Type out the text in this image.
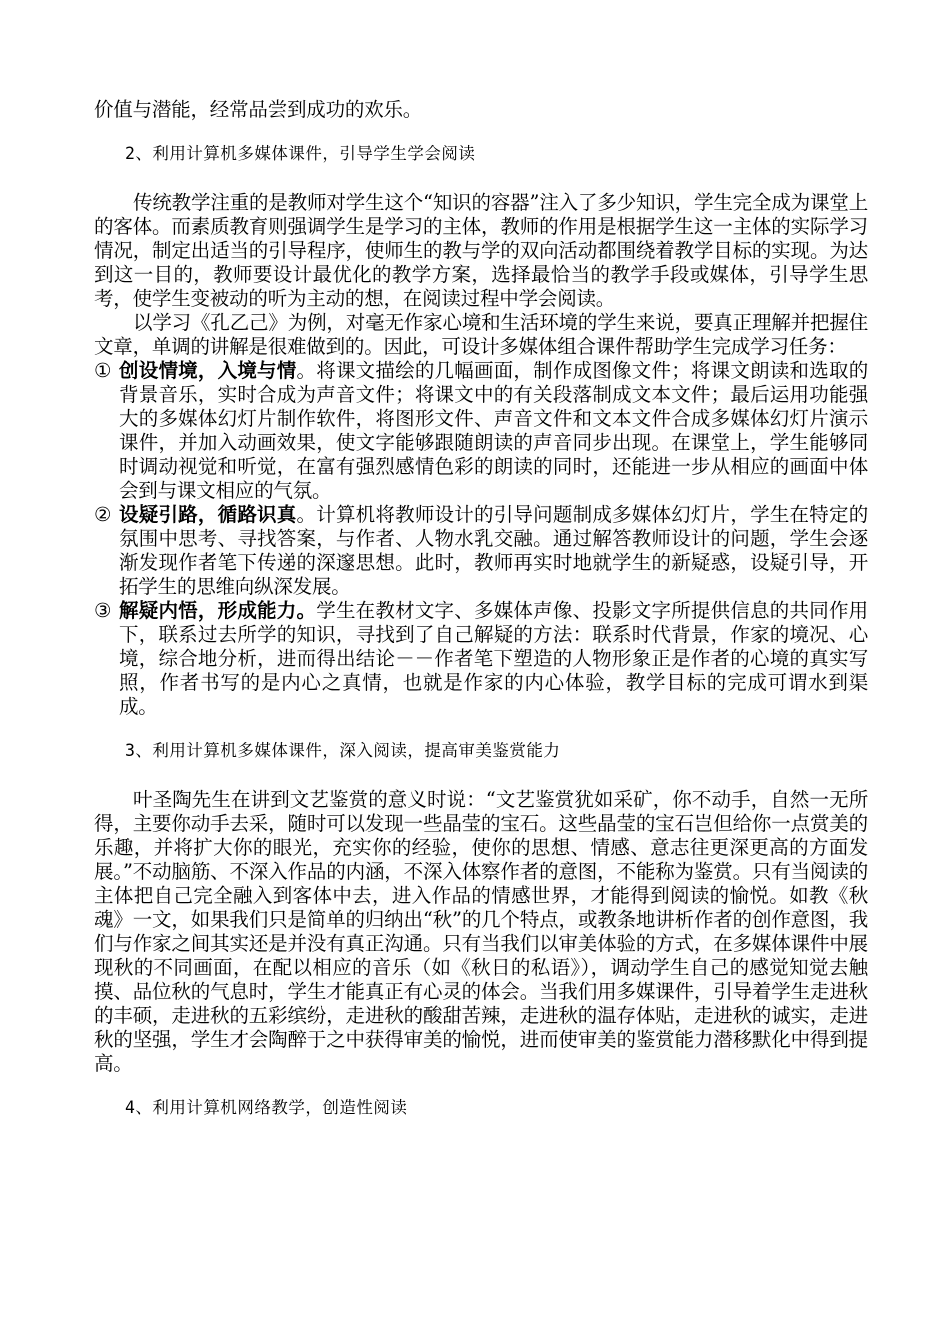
价值与潜能，经常品尝到成功的欢乐。

2、利用计算机多媒体课件，引导学生学会阅读

传统教学注重的是教师对学生这个“知识的容器”注入了多少知识，学生完全成为课堂上的客体。而素质教育则强调学生是学习的主体，教师的作用是根据学生这一主体的实际学习情况，制定出适当的引导程序，使师生的教与学的双向活动都围绕着教学目标的实现。为达到这一目的，教师要设计最优化的教学方案，选择最恰当的教学手段或媒体，引导学生思考，使学生变被动的听为主动的想，在阅读过程中学会阅读。

以学习《孔乙己》为例，对毫无作家心境和生活环境的学生来说，要真正理解并把握住文章，单调的讲解是很难做到的。因此，可设计多媒体组合课件帮助学生完成学习任务：

① 创设情境，入境与情。将课文描绘的几幅画面，制作成图像文件；将课文朗读和选取的背景音乐，实时合成为声音文件；将课文中的有关段落制成文本文件；最后运用功能强大的多媒体幻灯片制作软件，将图形文件、声音文件和文本文件合成多媒体幻灯片演示课件，并加入动画效果，使文字能够跟随朗读的声音同步出现。在课堂上，学生能够同时调动视觉和听觉，在富有强烈感情色彩的朗读的同时，还能进一步从相应的画面中体会到与课文相应的气氛。

② 设疑引路，循路识真。计算机将教师设计的引导问题制成多媒体幻灯片，学生在特定的氛围中思考、寻找答案，与作者、人物水乳交融。通过解答教师设计的问题，学生会逐渐发现作者笔下传递的深邃思想。此时，教师再实时地就学生的新疑惑，设疑引导，开拓学生的思维向纵深发展。

③ 解疑内悟，形成能力。学生在教材文字、多媒体声像、投影文字所提供信息的共同作用下，联系过去所学的知识，寻找到了自己解疑的方法：联系时代背景，作家的境况、心境，综合地分析，进而得出结论－－作者笔下塑造的人物形象正是作者的心境的真实写照，作者书写的是内心之真情，也就是作家的内心体验，教学目标的完成可谓水到渠成。

3、利用计算机多媒体课件，深入阅读，提高审美鉴赏能力

叶圣陶先生在讲到文艺鉴赏的意义时说：“文艺鉴赏犹如采矿，你不动手，自然一无所得，主要你动手去采，随时可以发现一些晶莹的宝石。这些晶莹的宝石岂但给你一点赏美的乐趣，并将扩大你的眼光，充实你的经验，使你的思想、情感、意志往更深更高的方面发展。”不动脑筋、不深入作品的内涵，不深入体察作者的意图，不能称为鉴赏。只有当阅读的主体把自己完全融入到客体中去，进入作品的情感世界，才能得到阅读的愉悦。如教《秋魂》一文，如果我们只是简单的归纳出“秋”的几个特点，或教条地讲析作者的创作意图，我们与作家之间其实还是并没有真正沟通。只有当我们以审美体验的方式，在多媒体课件中展现秋的不同画面，在配以相应的音乐（如《秋日的私语》），调动学生自己的感觉知觉去触摸、品位秋的气息时，学生才能真正有心灵的体会。当我们用多媒课件，引导着学生走进秋的丰硕，走进秋的五彩缤纷，走进秋的酸甜苦辣，走进秋的温存体贴，走进秋的诚实，走进秋的坚强，学生才会陶醉于之中获得审美的愉悦，进而使审美的鉴赏能力潜移默化中得到提高。

4、利用计算机网络教学，创造性阅读
